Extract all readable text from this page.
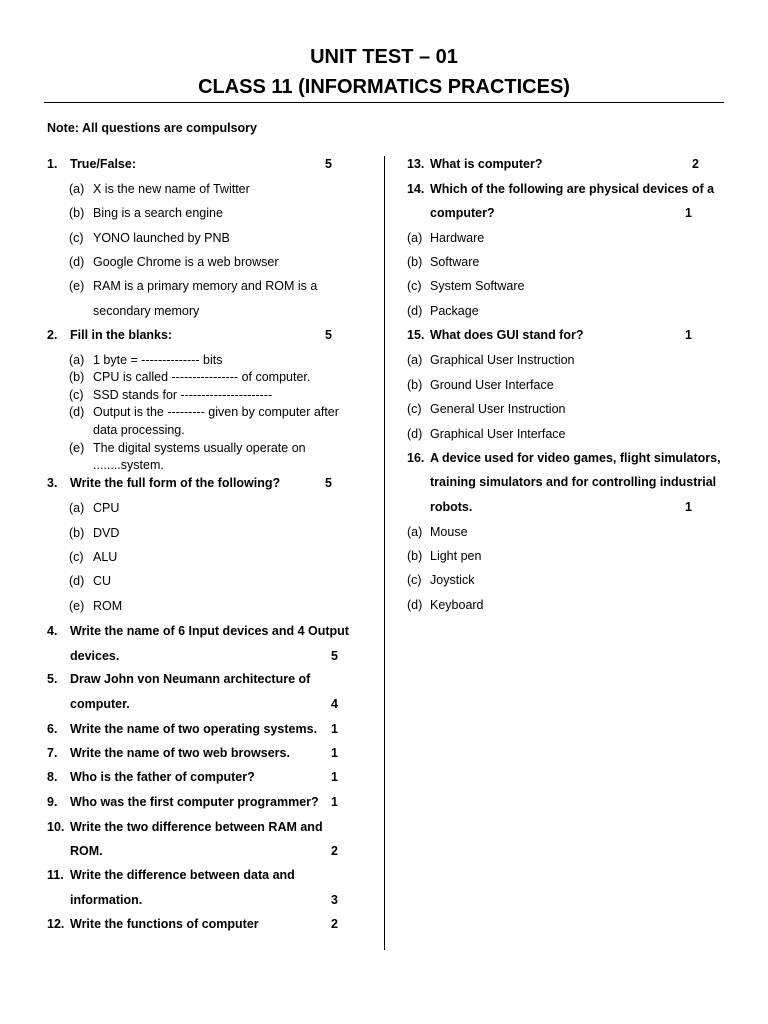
UNIT TEST – 01
CLASS 11 (INFORMATICS PRACTICES)
Note: All questions are compulsory
1. True/False:	5
(a) X is the new name of Twitter
(b) Bing is a search engine
(c) YONO launched by PNB
(d) Google Chrome is a web browser
(e) RAM is a primary memory and ROM is a
secondary memory
2. Fill in the blanks:	5
(a) 1 byte = -------------- bits
(b) CPU is called ---------------- of computer.
(c) SSD stands for ----------------------
(d) Output is the --------- given by computer after
data processing.
(e) The digital systems usually operate on
........system.
3. Write the full form of the following?	5
(a) CPU
(b) DVD
(c) ALU
(d) CU
(e) ROM
4. Write the name of 6 Input devices and 4 Output
devices.	5
5. Draw John von Neumann architecture of
computer.	4
6. Write the name of two operating systems. 1
7. Write the name of two web browsers.	1
8. Who is the father of computer?	1
9. Who was the first computer programmer? 1
10. Write the two difference between RAM and
ROM.	2
11. Write the difference between data and
information.	3
12. Write the functions of computer	2
13. What is computer?	2
14. Which of the following are physical devices of a
computer?	1
(a) Hardware
(b) Software
(c) System Software
(d) Package
15. What does GUI stand for?	1
(a) Graphical User Instruction
(b) Ground User Interface
(c) General User Instruction
(d) Graphical User Interface
16. A device used for video games, flight simulators,
training simulators and for controlling industrial
robots.	1
(a) Mouse
(b) Light pen
(c) Joystick
(d) Keyboard
